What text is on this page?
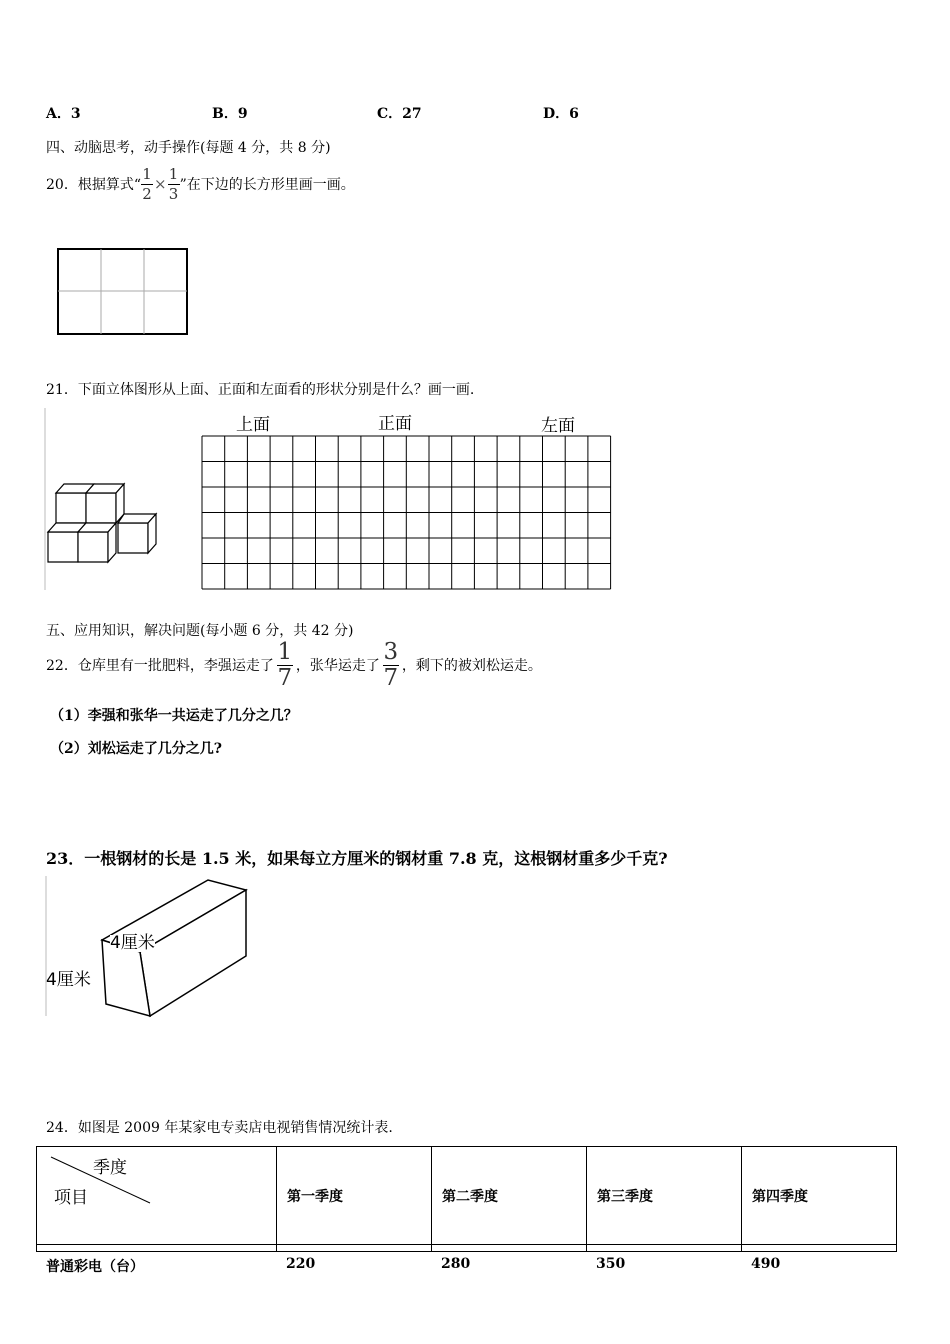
A．3	B．9	C．27	D．6
四、动脑思考，动手操作(每题 4 分，共 8 分)
20．根据算式“ $\frac{1}{2} \times \frac{1}{3}$ ”在下边的长方形里画一画。
21．下面立体图形从上面、正面和左面看的形状分别是什么？画一画.
上面	正面	左面
五、应用知识，解决问题(每小题 6 分，共 42 分)
22．仓库里有一批肥料，李强运走了 $\frac{1}{7}$ ，张华运走了 $\frac{3}{7}$ ，剩下的被刘松运走。
（1）李强和张华一共运走了几分之几？
（2）刘松运走了几分之几?
23．一根钢材的长是 1.5 米，如果每立方厘米的钢材重 7.8 克，这根钢材重多少千克?
4厘米
4厘米
24．如图是 2009 年某家电专卖店电视销售情况统计表.
季度
项目	第一季度	第二季度	第三季度	第四季度

普通彩电（台）	220	280	350	490
